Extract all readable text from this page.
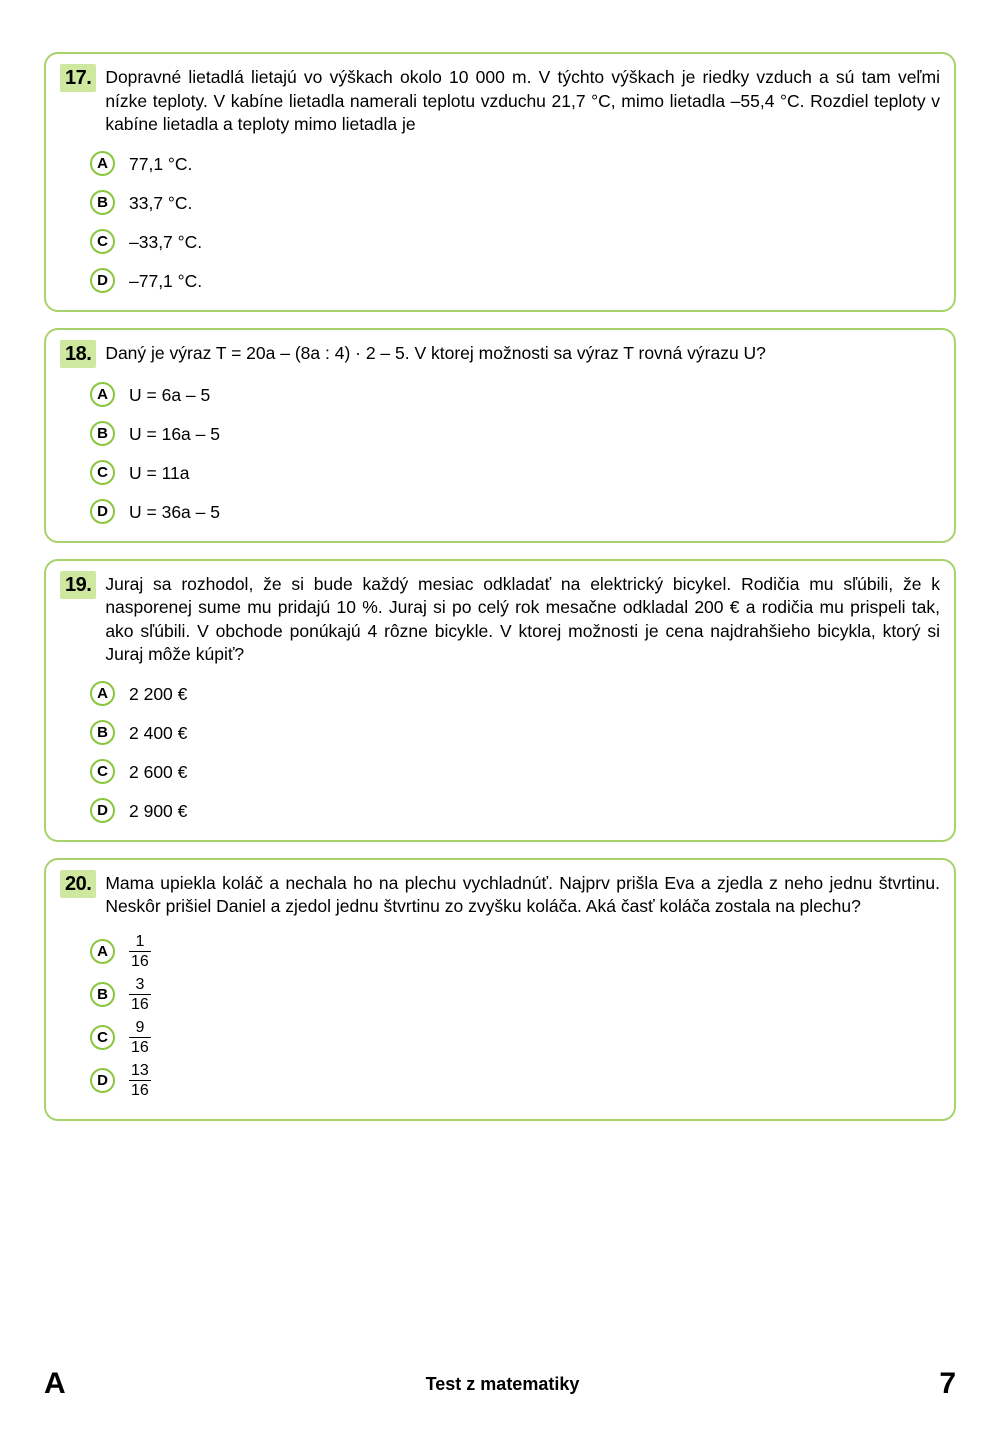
17. Dopravné lietadlá lietajú vo výškach okolo 10 000 m. V týchto výškach je riedky vzduch a sú tam veľmi nízke teploty. V kabíne lietadla namerali teplotu vzduchu 21,7 °C, mimo lietadla –55,4 °C. Rozdiel teploty v kabíne lietadla a teploty mimo lietadla je
A	77,1 °C.
B	33,7 °C.
C	–33,7 °C.
D	–77,1 °C.
18. Daný je výraz T = 20a – (8a : 4) · 2 – 5. V ktorej možnosti sa výraz T rovná výrazu U?
A	U = 6a – 5
B	U = 16a – 5
C	U = 11a
D	U = 36a – 5
19. Juraj sa rozhodol, že si bude každý mesiac odkladať na elektrický bicykel. Rodičia mu sľúbili, že k nasporenej sume mu pridajú 10 %. Juraj si po celý rok mesačne odkladal 200 € a rodičia mu prispeli tak, ako sľúbili. V obchode ponúkajú 4 rôzne bicykle. V ktorej možnosti je cena najdrahšieho bicykla, ktorý si Juraj môže kúpiť?
A	2 200 €
B	2 400 €
C	2 600 €
D	2 900 €
20. Mama upiekla koláč a nechala ho na plechu vychladnúť. Najprv prišla Eva a zjedla z neho jednu štvrtinu. Neskôr prišiel Daniel a zjedol jednu štvrtinu zo zvyšku koláča. Aká časť koláča zostala na plechu?
A	$\frac{1}{16}$
B	$\frac{3}{16}$
C	$\frac{9}{16}$
D	$\frac{13}{16}$
A	Test z matematiky	7
